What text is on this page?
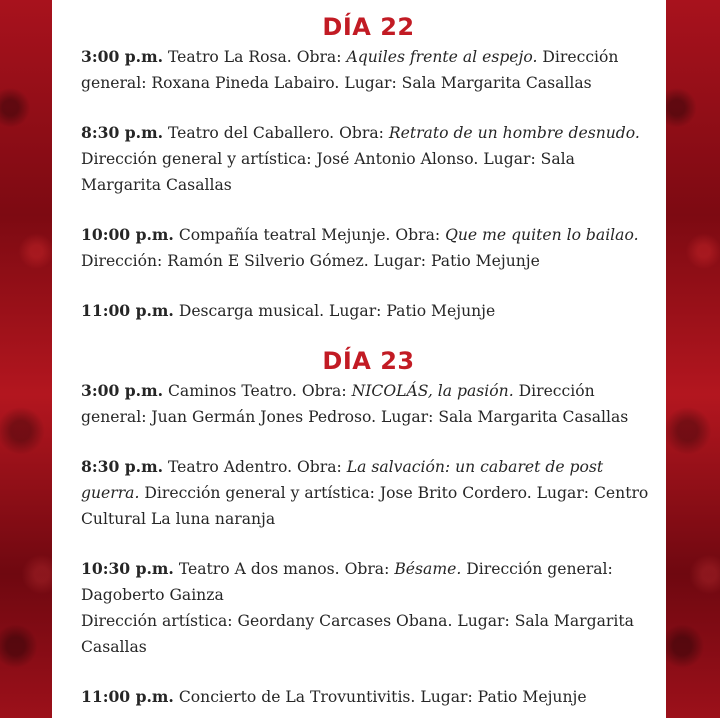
DÍA 22

3:00 p.m. Teatro La Rosa. Obra: Aquiles frente al espejo. Dirección general: Roxana Pineda Labairo. Lugar: Sala Margarita Casallas

8:30 p.m. Teatro del Caballero. Obra: Retrato de un hombre desnudo. Dirección general y artística: José Antonio Alonso. Lugar: Sala Margarita Casallas

10:00 p.m. Compañía teatral Mejunje. Obra: Que me quiten lo bailao. Dirección: Ramón E Silverio Gómez. Lugar: Patio Mejunje

11:00 p.m. Descarga musical. Lugar: Patio Mejunje

DÍA 23

3:00 p.m. Caminos Teatro. Obra: NICOLÁS, la pasión. Dirección general: Juan Germán Jones Pedroso. Lugar: Sala Margarita Casallas

8:30 p.m. Teatro Adentro. Obra: La salvación: un cabaret de post guerra. Dirección general y artística: Jose Brito Cordero. Lugar: Centro Cultural La luna naranja

10:30 p.m. Teatro A dos manos. Obra: Bésame. Dirección general: Dagoberto Gainza
Dirección artística: Geordany Carcases Obana. Lugar: Sala Margarita Casallas

11:00 p.m. Concierto de La Trovuntivitis. Lugar: Patio Mejunje
